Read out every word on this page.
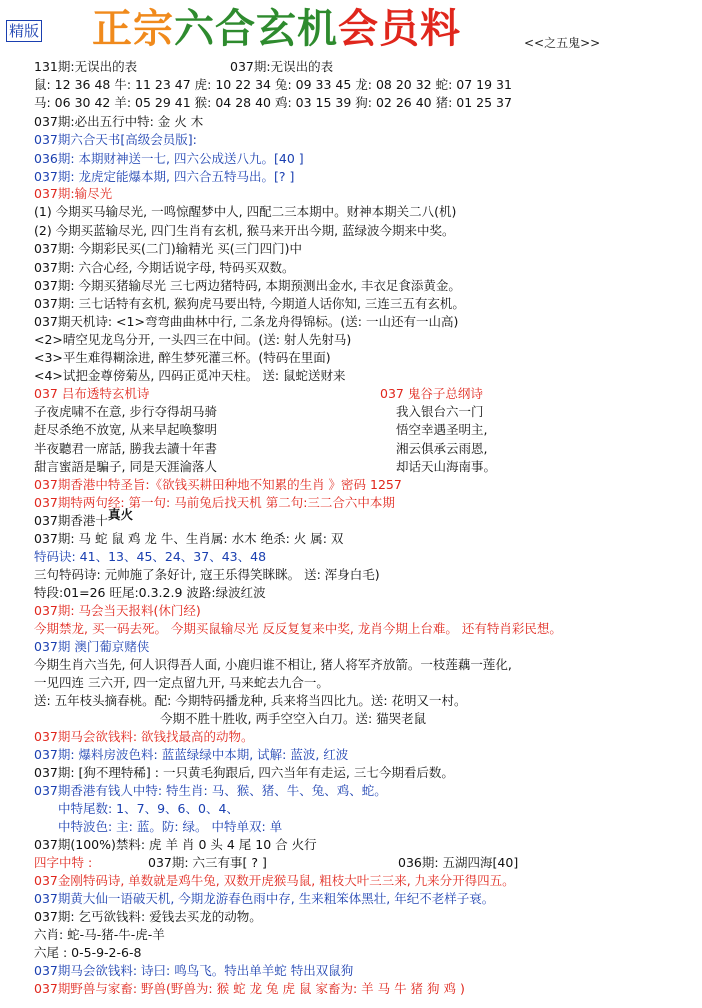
精版 正宗六合玄机会员料	<<之五鬼>>
131期:无误出的表	037期:无误出的表
鼠: 12 36 48 牛: 11 23 47 虎: 10 22 34 兔: 09 33 45 龙: 08 20 32 蛇: 07 19 31
马: 06 30 42 羊: 05 29 41 猴: 04 28 40 鸡: 03 15 39 狗: 02 26 40 猪: 01 25 37
037期:必出五行中特: 金 火 木
037期六合天书[高级会员版]:
036期: 本期财神送一七, 四六公成送八九。[40 ]
037期: 龙虎定能爆本期, 四六合五特马出。[? ]
037期:输尽光
(1) 今期买马输尽光, 一鸣惊醒梦中人, 四配二三本期中。财神本期关二八(机)
(2) 今期买蓝输尽光, 四门生肖有玄机, 猴马来开出今期, 蓝绿波今期来中奖。
037期: 今期彩民买(二门)输精光 买(三门四门)中
037期: 六合心经, 今期话说字母, 特码买双数。
037期: 今期买猪输尽光 三七两边猪特码, 本期预测出金水, 丰衣足食添黄金。
037期: 三七话特有玄机, 猴狗虎马要出特, 今期道人话你知, 三连三五有玄机。
037期天机诗: <1>弯弯曲曲林中行, 二条龙舟得锦标。(送: 一山还有一山高)
<2>晴空见龙鸟分开, 一头四三在中间。(送: 射人先射马)
<3>平生难得糊涂进, 醉生梦死灌三杯。(特码在里面)
<4>试把金尊傍菊丛, 四码正觅冲天柱。 送: 鼠蛇送财来
037 吕布透特玄机诗	037 鬼谷子总纲诗
子夜虎啸不在意, 步行夺得胡马骑	我入银台六一门
赶尽杀绝不放宽, 从来早起唤黎明	悟空幸遇圣明主,
半夜聽君一席話, 勝我去讀十年書	湘云俱承云雨恩,
甜言蜜語是騙子, 同是天涯淪落人	却话天山海南事。
037期香港中特圣旨:《欲钱买耕田种地不知累的生肖 》密码 1257
037期特两句经: 第一句: 马前兔后找天机 第二句:三二合六中本期
037期香港十 真火
037期: 马 蛇 鼠 鸡 龙 牛、生肖属: 水木 绝杀: 火 属: 双
特码诀: 41、13、45、24、37、43、48
三句特码诗: 元帅施了条好计, 寇王乐得笑眯眯。 送: 浑身白毛)
特段:01=26 旺尾:0.3.2.9 波路:绿波红波
037期: 马会当天报料(休门经)
今期禁龙, 买一码去死。 今期买鼠输尽光 反反复复来中奖, 龙肖今期上台难。 还有特肖彩民想。
037期 澳门葡京赌侠
今期生肖六当先, 何人识得吾人面, 小鹿归谁不相让, 猪人将军齐放箭。一枝莲藕一莲化,
一见四连 三六开, 四一定点留九开, 马来蛇去九合一。
送: 五年枝头摘春桃。配: 今期特码播龙种, 兵来将当四比九。送: 花明又一村。
今期不胜十胜收, 两手空空入白刀。送: 猫哭老鼠
037期马会欲钱料: 欲钱找最高的动物。
037期: 爆料房波色料: 蓝蓝绿绿中本期, 试解: 蓝波, 红波
037期: [狗不理特稀] : 一只黄毛狗跟后, 四六当年有走运, 三七今期看后数。
037期香港有钱人中特: 特生肖: 马、猴、猪、牛、兔、鸡、蛇。
中特尾数: 1、7、9、6、0、4、
中特波色: 主: 蓝。防: 绿。 中特单双: 单
037期(100%)禁料: 虎 羊 肖 0 头 4 尾 10 合 火行
四字中特 :	037期: 六三有事[ ? ]	036期: 五湖四海[40]
037金刚特码诗, 单数就是鸡牛兔, 双数开虎猴马鼠, 粗枝大叶三三来, 九来分开得四五。
037期黄大仙一语破天机, 今期龙游春色雨中存, 生来粗笨体黑壮, 年纪不老样子衰。
037期: 乞丐欲钱料: 爱钱去买龙的动物。
六肖: 蛇-马-猪-牛-虎-羊
六尾 : 0-5-9-2-6-8
037期马会欲钱料: 诗曰: 鸣鸟飞。特出单羊蛇 特出双鼠狗
037期野兽与家畜: 野兽(野兽为: 猴 蛇 龙 兔 虎 鼠 家畜为: 羊 马 牛 猪 狗 鸡 )
